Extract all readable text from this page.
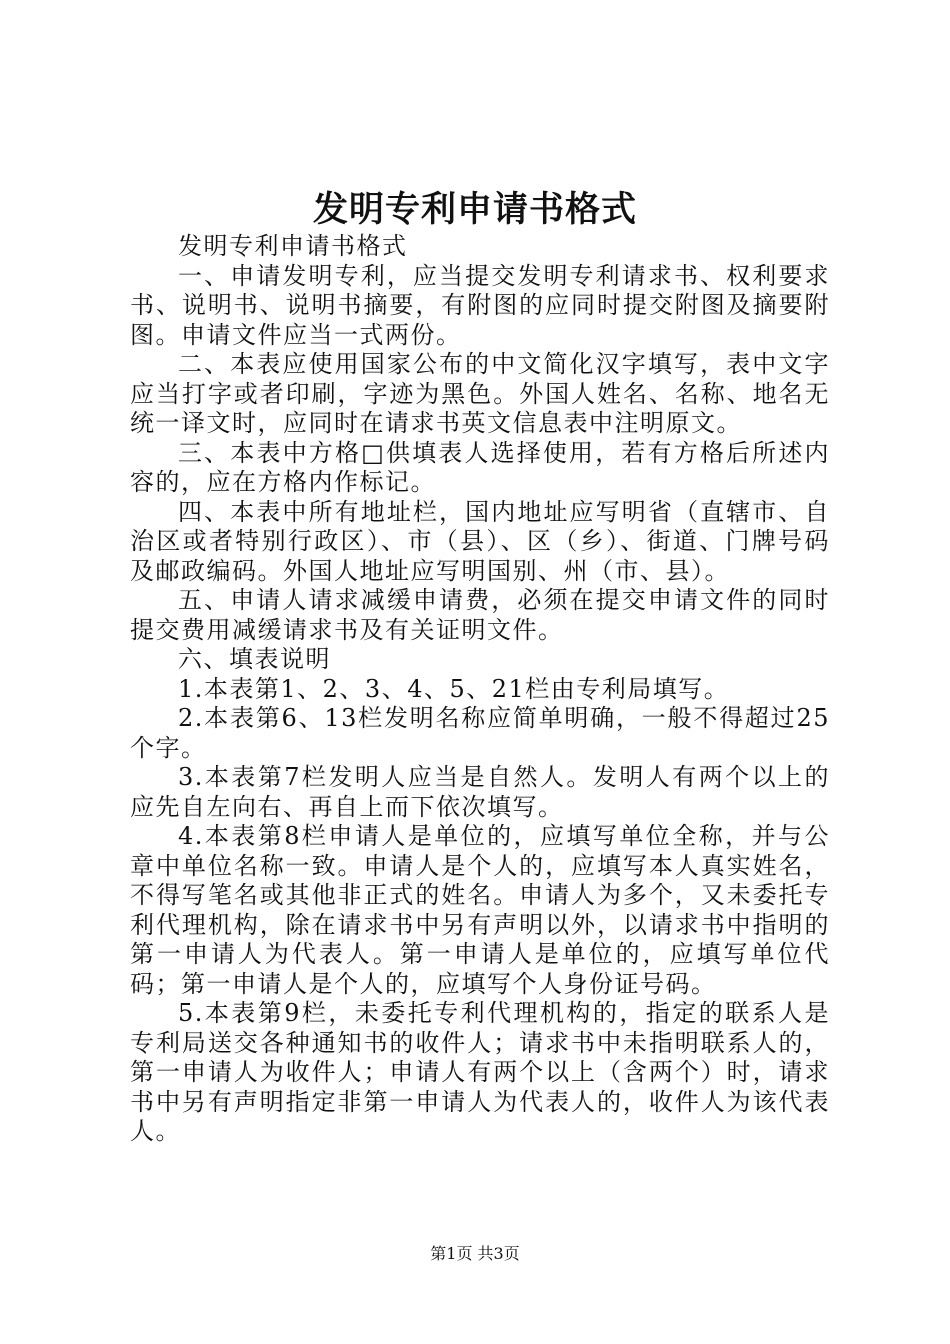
发明专利申请书格式

发明专利申请书格式

一、申请发明专利，应当提交发明专利请求书、权利要求书、说明书、说明书摘要，有附图的应同时提交附图及摘要附图。申请文件应当一式两份。

二、本表应使用国家公布的中文简化汉字填写，表中文字应当打字或者印刷，字迹为黑色。外国人姓名、名称、地名无统一译文时，应同时在请求书英文信息表中注明原文。

三、本表中方格□供填表人选择使用，若有方格后所述内容的，应在方格内作标记。

四、本表中所有地址栏，国内地址应写明省（直辖市、自治区或者特别行政区）、市（县）、区（乡）、街道、门牌号码及邮政编码。外国人地址应写明国别、州（市、县）。

五、申请人请求减缓申请费，必须在提交申请文件的同时提交费用减缓请求书及有关证明文件。

六、填表说明

1.本表第1、2、3、4、5、21栏由专利局填写。

2.本表第6、13栏发明名称应简单明确，一般不得超过25个字。

3.本表第7栏发明人应当是自然人。发明人有两个以上的应先自左向右、再自上而下依次填写。

4.本表第8栏申请人是单位的，应填写单位全称，并与公章中单位名称一致。申请人是个人的，应填写本人真实姓名，不得写笔名或其他非正式的姓名。申请人为多个，又未委托专利代理机构，除在请求书中另有声明以外，以请求书中指明的第一申请人为代表人。第一申请人是单位的，应填写单位代码；第一申请人是个人的，应填写个人身份证号码。

5.本表第9栏，未委托专利代理机构的，指定的联系人是专利局送交各种通知书的收件人；请求书中未指明联系人的，第一申请人为收件人；申请人有两个以上（含两个）时，请求书中另有声明指定非第一申请人为代表人的，收件人为该代表人。

第1页 共3页
